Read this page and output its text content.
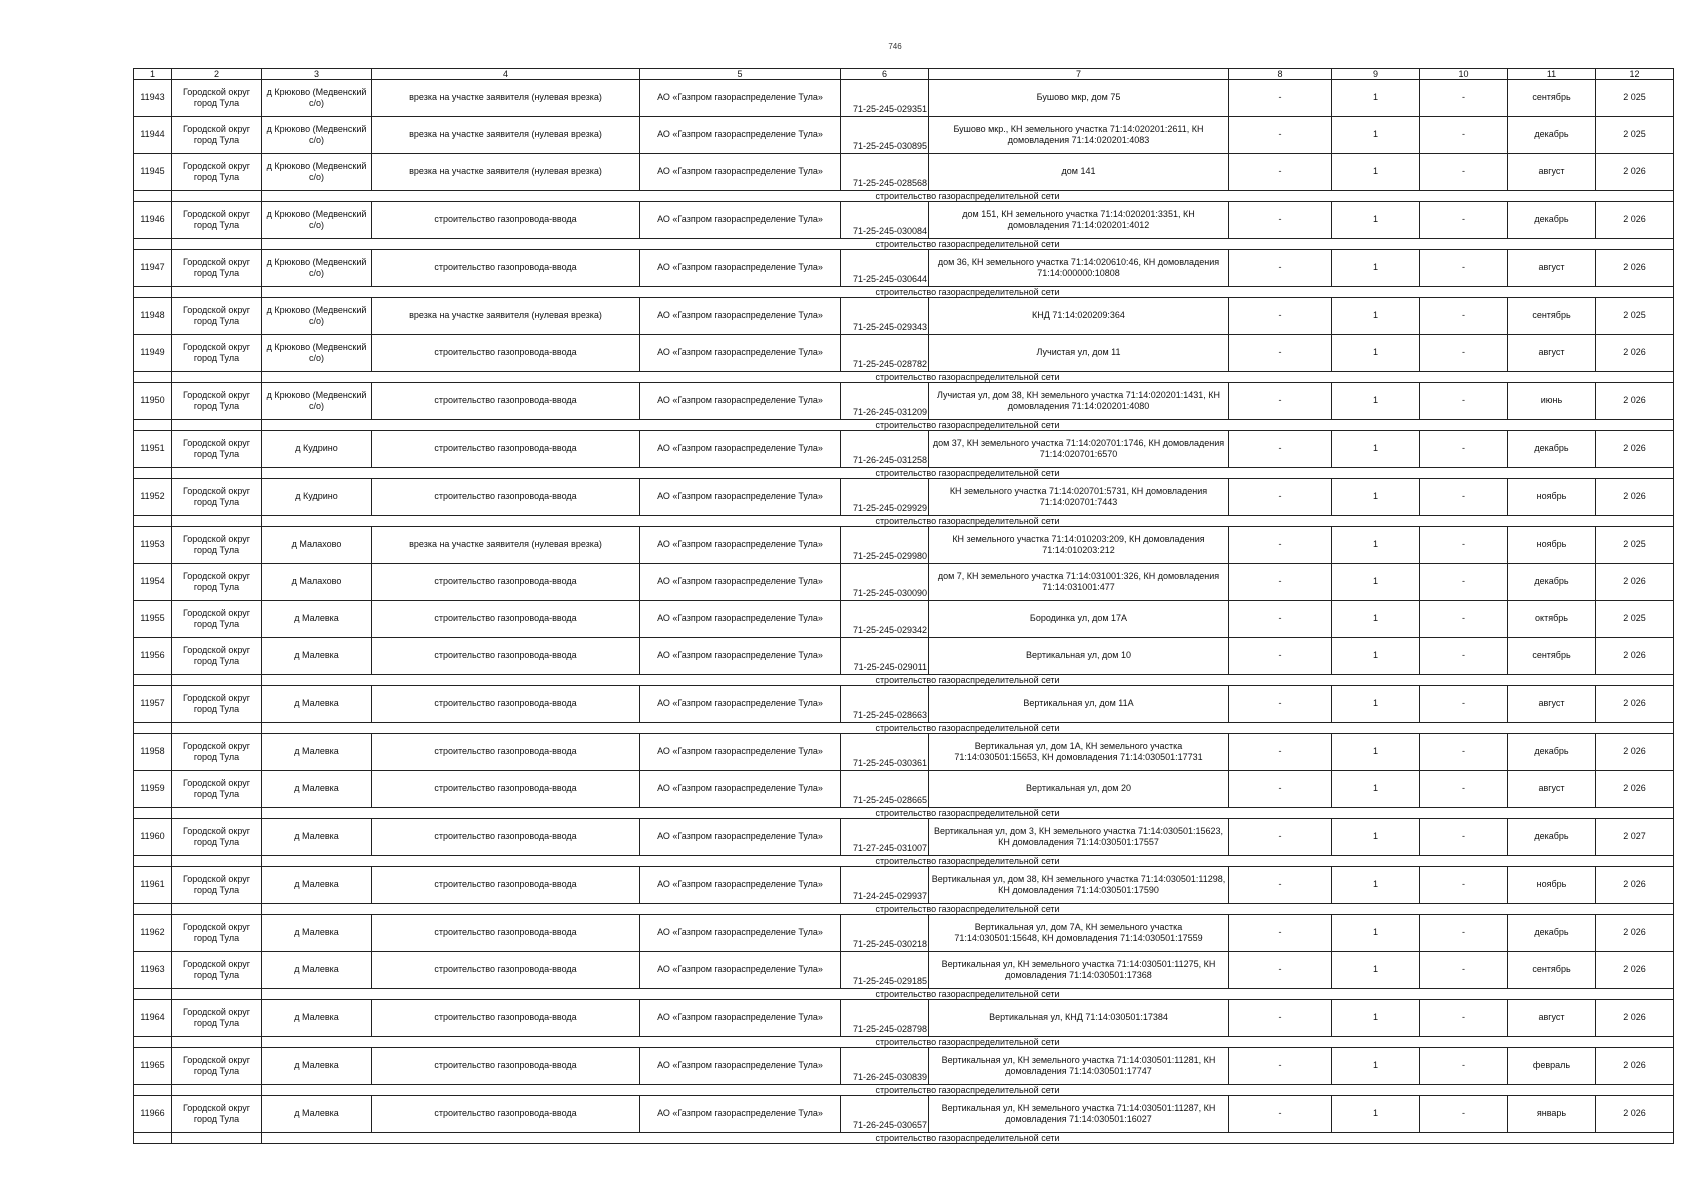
746
1	2	3	4	5	6	7	8	9	10	11	12
11943	Городской округ город Тула	д Крюково (Медвенский с/о)	врезка на участке заявителя (нулевая врезка)	АО «Газпром газораспределение Тула»	71-25-245-029351	Бушово мкр, дом 75	-	1	-	сентябрь	2 025
11944	Городской округ город Тула	д Крюково (Медвенский с/о)	врезка на участке заявителя (нулевая врезка)	АО «Газпром газораспределение Тула»	71-25-245-030895	Бушово мкр., КН земельного участка 71:14:020201:2611, КН домовладения 71:14:020201:4083	-	1	-	декабрь	2 025
11945	Городской округ город Тула	д Крюково (Медвенский с/о)	врезка на участке заявителя (нулевая врезка)	АО «Газпром газораспределение Тула»	71-25-245-028568	дом 141	-	1	-	август	2 026
		строительство газораспределительной сети									
11946	Городской округ город Тула	д Крюково (Медвенский с/о)	строительство газопровода-ввода	АО «Газпром газораспределение Тула»	71-25-245-030084	дом 151, КН земельного участка 71:14:020201:3351, КН домовладения 71:14:020201:4012	-	1	-	декабрь	2 026
		строительство газораспределительной сети									
11947	Городской округ город Тула	д Крюково (Медвенский с/о)	строительство газопровода-ввода	АО «Газпром газораспределение Тула»	71-25-245-030644	дом 36, КН земельного участка 71:14:020610:46, КН домовладения 71:14:000000:10808	-	1	-	август	2 026
		строительство газораспределительной сети									
11948	Городской округ город Тула	д Крюково (Медвенский с/о)	врезка на участке заявителя (нулевая врезка)	АО «Газпром газораспределение Тула»	71-25-245-029343	КНД 71:14:020209:364	-	1	-	сентябрь	2 025
11949	Городской округ город Тула	д Крюково (Медвенский с/о)	строительство газопровода-ввода	АО «Газпром газораспределение Тула»	71-25-245-028782	Лучистая ул, дом 11	-	1	-	август	2 026
		строительство газораспределительной сети									
11950	Городской округ город Тула	д Крюково (Медвенский с/о)	строительство газопровода-ввода	АО «Газпром газораспределение Тула»	71-26-245-031209	Лучистая ул, дом 38, КН земельного участка 71:14:020201:1431, КН домовладения 71:14:020201:4080	-	1	-	июнь	2 026
		строительство газораспределительной сети									
11951	Городской округ город Тула	д Кудрино	строительство газопровода-ввода	АО «Газпром газораспределение Тула»	71-26-245-031258	дом 37, КН земельного участка 71:14:020701:1746, КН домовладения 71:14:020701:6570	-	1	-	декабрь	2 026
		строительство газораспределительной сети									
11952	Городской округ город Тула	д Кудрино	строительство газопровода-ввода	АО «Газпром газораспределение Тула»	71-25-245-029929	КН земельного участка 71:14:020701:5731, КН домовладения 71:14:020701:7443	-	1	-	ноябрь	2 026
		строительство газораспределительной сети									
11953	Городской округ город Тула	д Малахово	врезка на участке заявителя (нулевая врезка)	АО «Газпром газораспределение Тула»	71-25-245-029980	КН земельного участка 71:14:010203:209, КН домовладения 71:14:010203:212	-	1	-	ноябрь	2 025
11954	Городской округ город Тула	д Малахово	строительство газопровода-ввода	АО «Газпром газораспределение Тула»	71-25-245-030090	дом 7, КН земельного участка 71:14:031001:326, КН домовладения 71:14:031001:477	-	1	-	декабрь	2 026
11955	Городской округ город Тула	д Малевка	строительство газопровода-ввода	АО «Газпром газораспределение Тула»	71-25-245-029342	Бородинка ул, дом 17А	-	1	-	октябрь	2 025
11956	Городской округ город Тула	д Малевка	строительство газопровода-ввода	АО «Газпром газораспределение Тула»	71-25-245-029011	Вертикальная ул, дом 10	-	1	-	сентябрь	2 026
		строительство газораспределительной сети									
11957	Городской округ город Тула	д Малевка	строительство газопровода-ввода	АО «Газпром газораспределение Тула»	71-25-245-028663	Вертикальная ул, дом 11А	-	1	-	август	2 026
		строительство газораспределительной сети									
11958	Городской округ город Тула	д Малевка	строительство газопровода-ввода	АО «Газпром газораспределение Тула»	71-25-245-030361	Вертикальная ул, дом 1А, КН земельного участка 71:14:030501:15653, КН домовладения 71:14:030501:17731	-	1	-	декабрь	2 026
11959	Городской округ город Тула	д Малевка	строительство газопровода-ввода	АО «Газпром газораспределение Тула»	71-25-245-028665	Вертикальная ул, дом 20	-	1	-	август	2 026
		строительство газораспределительной сети									
11960	Городской округ город Тула	д Малевка	строительство газопровода-ввода	АО «Газпром газораспределение Тула»	71-27-245-031007	Вертикальная ул, дом 3, КН земельного участка 71:14:030501:15623, КН домовладения 71:14:030501:17557	-	1	-	декабрь	2 027
		строительство газораспределительной сети									
11961	Городской округ город Тула	д Малевка	строительство газопровода-ввода	АО «Газпром газораспределение Тула»	71-24-245-029937	Вертикальная ул, дом 38, КН земельного участка 71:14:030501:11298, КН домовладения 71:14:030501:17590	-	1	-	ноябрь	2 026
		строительство газораспределительной сети									
11962	Городской округ город Тула	д Малевка	строительство газопровода-ввода	АО «Газпром газораспределение Тула»	71-25-245-030218	Вертикальная ул, дом 7А, КН земельного участка 71:14:030501:15648, КН домовладения 71:14:030501:17559	-	1	-	декабрь	2 026
11963	Городской округ город Тула	д Малевка	строительство газопровода-ввода	АО «Газпром газораспределение Тула»	71-25-245-029185	Вертикальная ул, КН земельного участка 71:14:030501:11275, КН домовладения 71:14:030501:17368	-	1	-	сентябрь	2 026
		строительство газораспределительной сети									
11964	Городской округ город Тула	д Малевка	строительство газопровода-ввода	АО «Газпром газораспределение Тула»	71-25-245-028798	Вертикальная ул, КНД 71:14:030501:17384	-	1	-	август	2 026
		строительство газораспределительной сети									
11965	Городской округ город Тула	д Малевка	строительство газопровода-ввода	АО «Газпром газораспределение Тула»	71-26-245-030839	Вертикальная ул, КН земельного участка 71:14:030501:11281, КН домовладения 71:14:030501:17747	-	1	-	февраль	2 026
		строительство газораспределительной сети									
11966	Городской округ город Тула	д Малевка	строительство газопровода-ввода	АО «Газпром газораспределение Тула»	71-26-245-030657	Вертикальная ул, КН земельного участка 71:14:030501:11287, КН домовладения 71:14:030501:16027	-	1	-	январь	2 026
		строительство газораспределительной сети									
